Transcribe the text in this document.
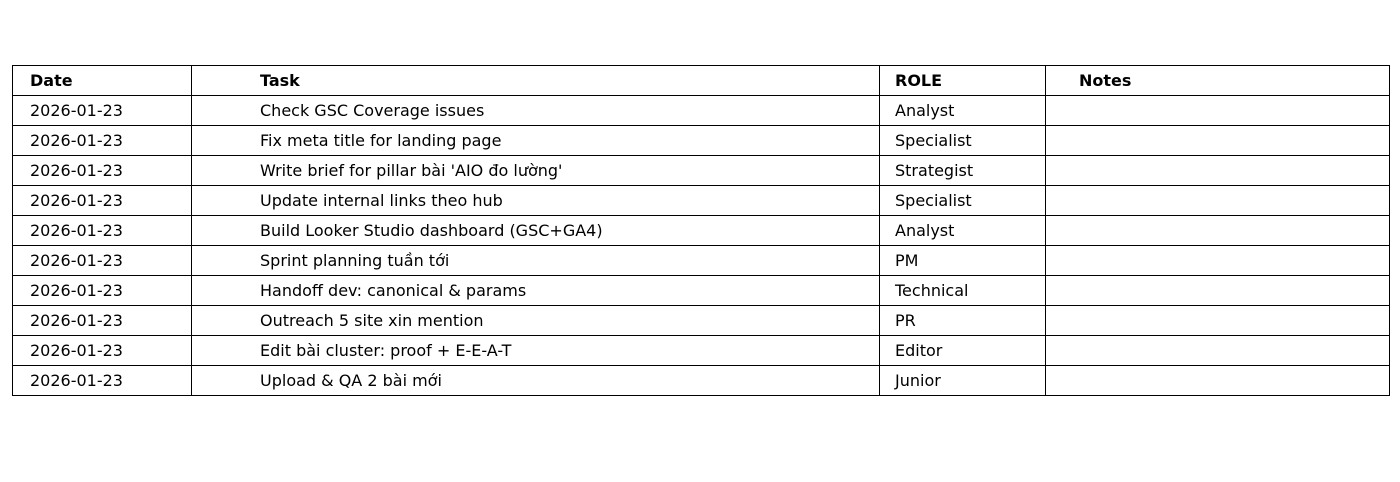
Date	Task	ROLE	Notes
2026-01-23	Check GSC Coverage issues	Analyst	
2026-01-23	Fix meta title for landing page	Specialist	
2026-01-23	Write brief for pillar bài 'AIO đo lường'	Strategist	
2026-01-23	Update internal links theo hub	Specialist	
2026-01-23	Build Looker Studio dashboard (GSC+GA4)	Analyst	
2026-01-23	Sprint planning tuần tới	PM	
2026-01-23	Handoff dev: canonical & params	Technical	
2026-01-23	Outreach 5 site xin mention	PR	
2026-01-23	Edit bài cluster: proof + E-E-A-T	Editor	
2026-01-23	Upload & QA 2 bài mới	Junior	
